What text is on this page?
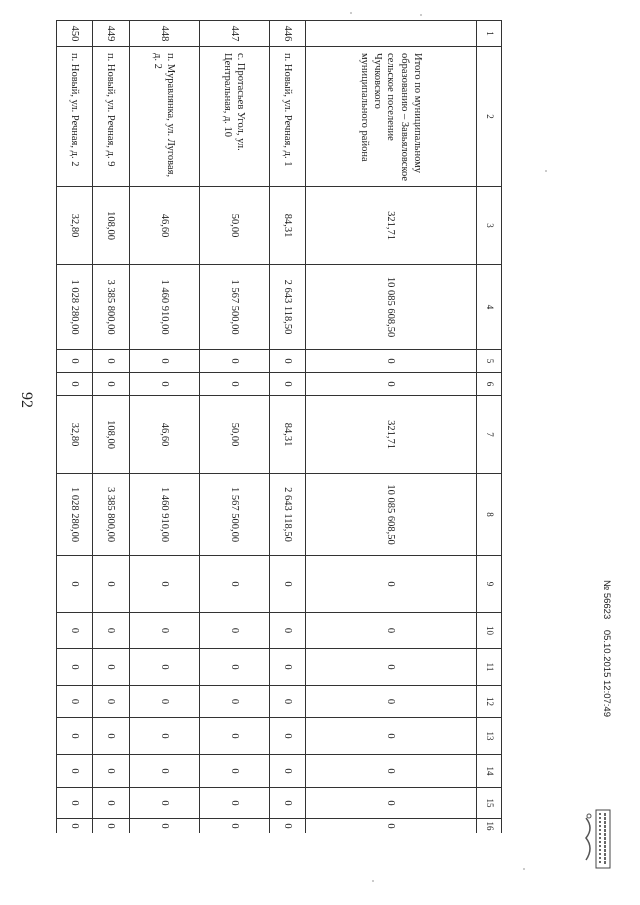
92
1	2	3	4	5	6	7	8	9	10	11	12	13	14	15	16
	Итого по муниципальному образованию – Завьяловское сельское поселение Чучковского муниципального района	321,71	10 085 608,50	0	0	321,71	10 085 608,50	0	0	0	0	0	0	0	0
446	п. Новый, ул. Речная, д. 1	84,31	2 643 118,50	0	0	84,31	2 643 118,50	0	0	0	0	0	0	0	0
447	с. Протасьев Угол, ул. Центральная, д. 10	50,00	1 567 500,00	0	0	50,00	1 567 500,00	0	0	0	0	0	0	0	0
448	п. Муравлянка, ул. Луговая, д. 2	46,60	1 460 910,00	0	0	46,60	1 460 910,00	0	0	0	0	0	0	0	0
449	п. Новый, ул. Речная, д. 9	108,00	3 385 800,00	0	0	108,00	3 385 800,00	0	0	0	0	0	0	0	0
450	п. Новый, ул. Речная, д. 2	32,80	1 028 280,00	0	0	32,80	1 028 280,00	0	0	0	0	0	0	0	0
№ 56623    05.10.2015 12:07:49
